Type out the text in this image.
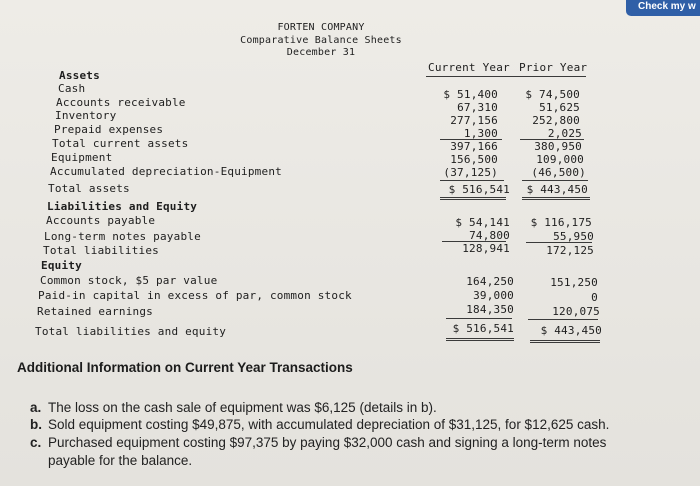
Check my w
FORTEN COMPANY
Comparative Balance Sheets
December 31
Current Year Prior Year
Assets
Cash
Accounts receivable
Inventory
Prepaid expenses
Total current assets
Equipment
Accumulated depreciation-Equipment
Total assets
Liabilities and Equity
Accounts payable
Long-term notes payable
Total liabilities
Equity
Common stock, $5 par value
Paid-in capital in excess of par, common stock
Retained earnings
Total liabilities and equity
$ 51,400
67,310
277,156
1,300
397,166
156,500
(37,125)
$ 516,541
$ 54,141
74,800
128,941
164,250
39,000
184,350
$ 516,541
$ 74,500
51,625
252,800
2,025
380,950
109,000
(46,500)
$ 443,450
$ 116,175
55,950
172,125
151,250
0
120,075
$ 443,450
Additional Information on Current Year Transactions
a. The loss on the cash sale of equipment was $6,125 (details in b).
b. Sold equipment costing $49,875, with accumulated depreciation of $31,125, for $12,625 cash.
c. Purchased equipment costing $97,375 by paying $32,000 cash and signing a long-term notes
payable for the balance.
